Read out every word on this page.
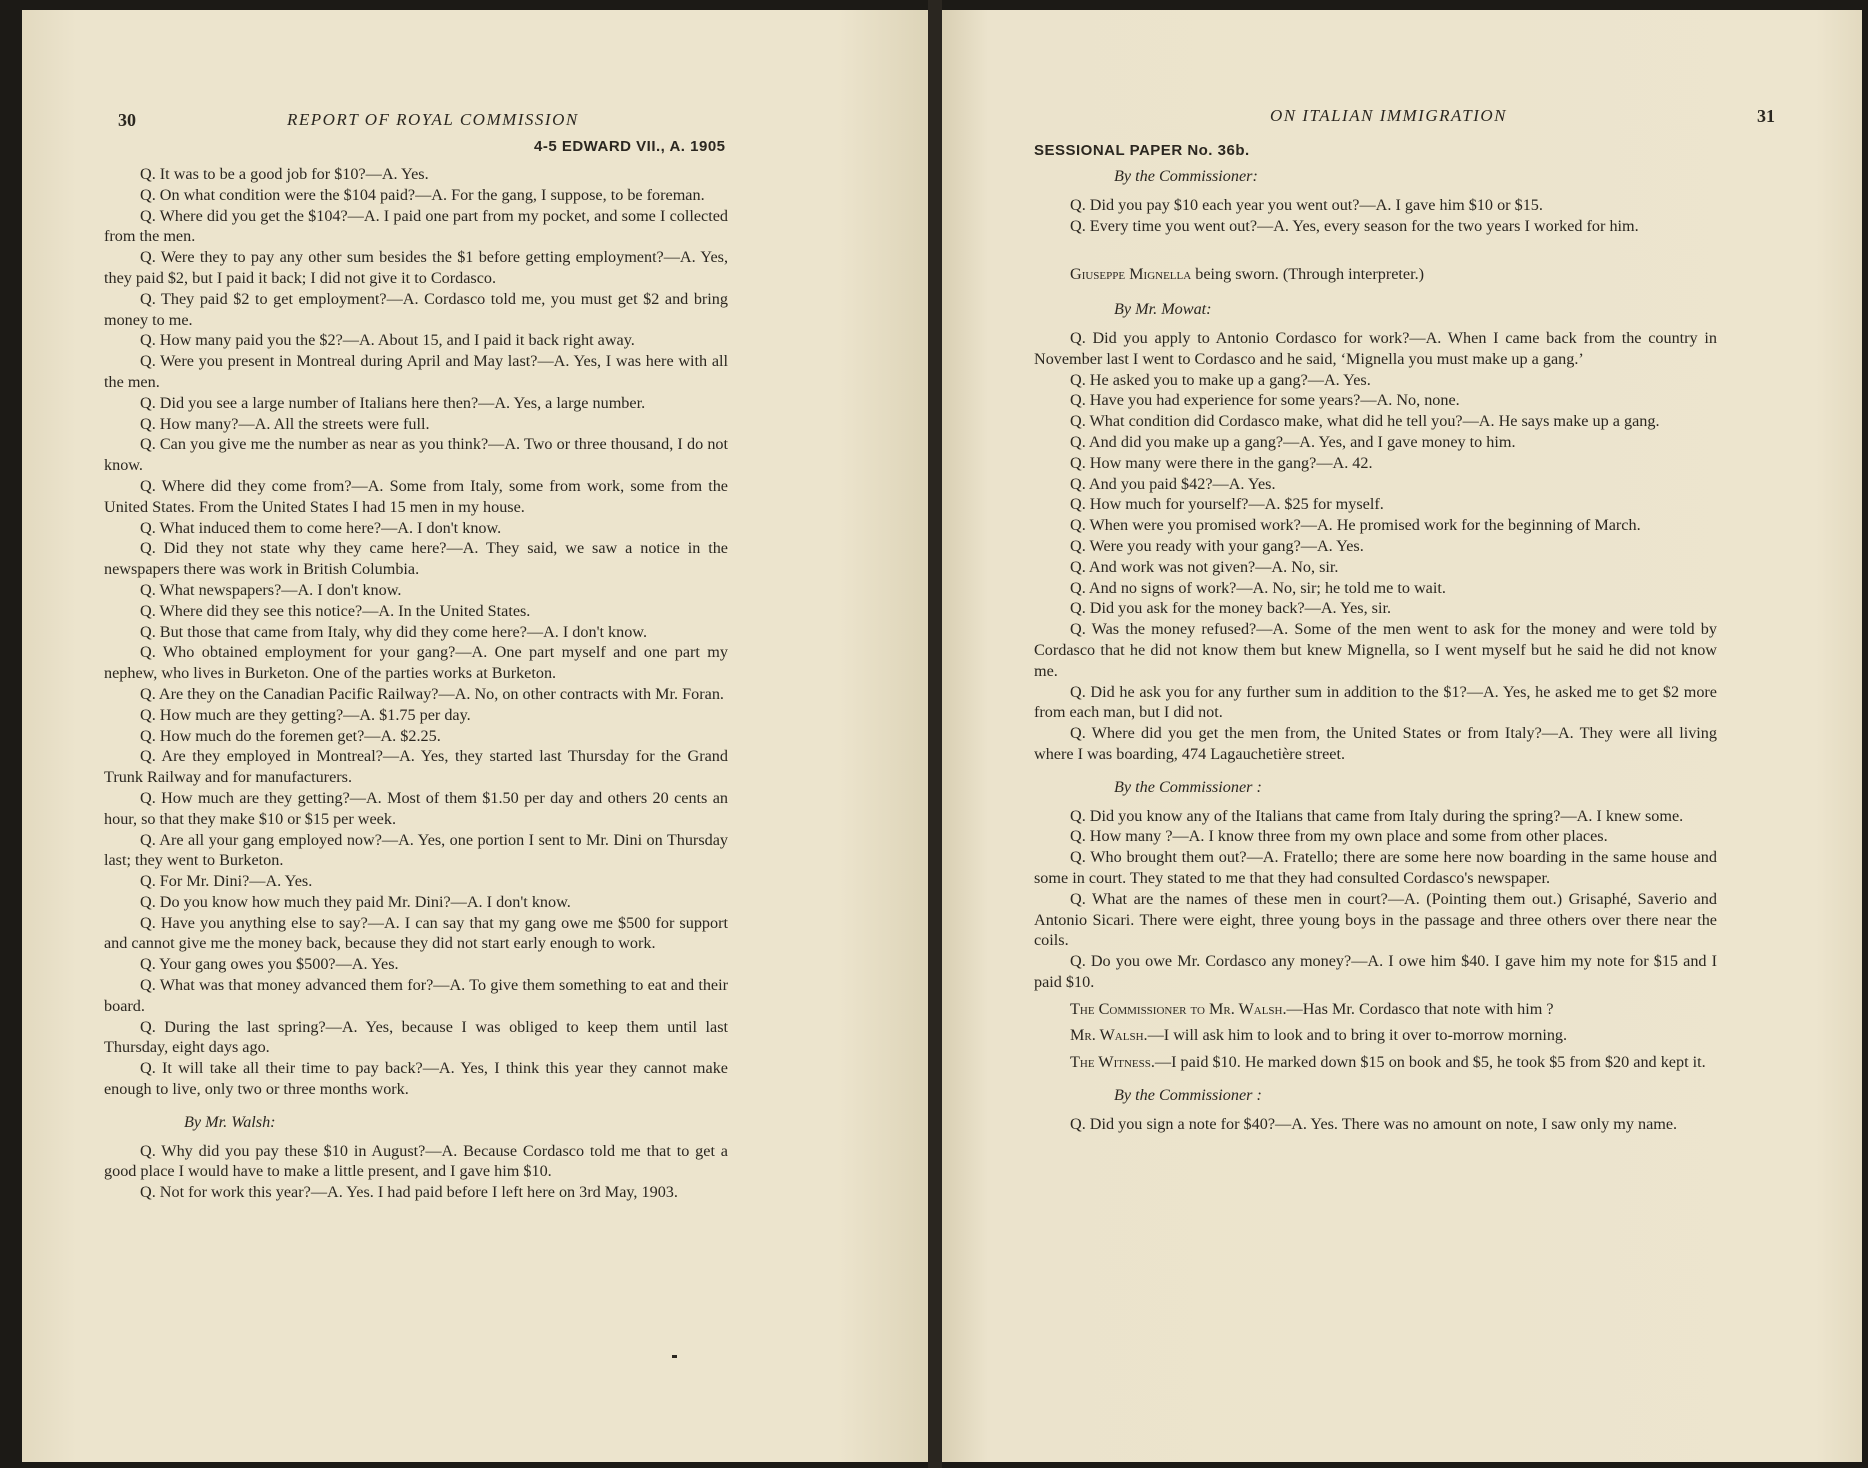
30	REPORT OF ROYAL COMMISSION
4-5 EDWARD VII., A. 1905

Q. It was to be a good job for $10?—A. Yes.

Q. On what condition were the $104 paid?—A. For the gang, I suppose, to be foreman.

Q. Where did you get the $104?—A. I paid one part from my pocket, and some I collected from the men.

Q. Were they to pay any other sum besides the $1 before getting employment?—A. Yes, they paid $2, but I paid it back; I did not give it to Cordasco.

Q. They paid $2 to get employment?—A. Cordasco told me, you must get $2 and bring money to me.

Q. How many paid you the $2?—A. About 15, and I paid it back right away.

Q. Were you present in Montreal during April and May last?—A. Yes, I was here with all the men.

Q. Did you see a large number of Italians here then?—A. Yes, a large number.

Q. How many?—A. All the streets were full.

Q. Can you give me the number as near as you think?—A. Two or three thousand, I do not know.

Q. Where did they come from?—A. Some from Italy, some from work, some from the United States. From the United States I had 15 men in my house.

Q. What induced them to come here?—A. I don't know.

Q. Did they not state why they came here?—A. They said, we saw a notice in the newspapers there was work in British Columbia.

Q. What newspapers?—A. I don't know.

Q. Where did they see this notice?—A. In the United States.

Q. But those that came from Italy, why did they come here?—A. I don't know.

Q. Who obtained employment for your gang?—A. One part myself and one part my nephew, who lives in Burketon. One of the parties works at Burketon.

Q. Are they on the Canadian Pacific Railway?—A. No, on other contracts with Mr. Foran.

Q. How much are they getting?—A. $1.75 per day.

Q. How much do the foremen get?—A. $2.25.

Q. Are they employed in Montreal?—A. Yes, they started last Thursday for the Grand Trunk Railway and for manufacturers.

Q. How much are they getting?—A. Most of them $1.50 per day and others 20 cents an hour, so that they make $10 or $15 per week.

Q. Are all your gang employed now?—A. Yes, one portion I sent to Mr. Dini on Thursday last; they went to Burketon.

Q. For Mr. Dini?—A. Yes.

Q. Do you know how much they paid Mr. Dini?—A. I don't know.

Q. Have you anything else to say?—A. I can say that my gang owe me $500 for support and cannot give me the money back, because they did not start early enough to work.

Q. Your gang owes you $500?—A. Yes.

Q. What was that money advanced them for?—A. To give them something to eat and their board.

Q. During the last spring?—A. Yes, because I was obliged to keep them until last Thursday, eight days ago.

Q. It will take all their time to pay back?—A. Yes, I think this year they cannot make enough to live, only two or three months work.

By Mr. Walsh:

Q. Why did you pay these $10 in August?—A. Because Cordasco told me that to get a good place I would have to make a little present, and I gave him $10.

Q. Not for work this year?—A. Yes. I had paid before I left here on 3rd May, 1903.

ON ITALIAN IMMIGRATION	31
SESSIONAL PAPER No. 36b.

By the Commissioner:

Q. Did you pay $10 each year you went out?—A. I gave him $10 or $15.

Q. Every time you went out?—A. Yes, every season for the two years I worked for him.

Giuseppe Mignella being sworn. (Through interpreter.)

By Mr. Mowat:

Q. Did you apply to Antonio Cordasco for work?—A. When I came back from the country in November last I went to Cordasco and he said, ‘Mignella you must make up a gang.’

Q. He asked you to make up a gang?—A. Yes.

Q. Have you had experience for some years?—A. No, none.

Q. What condition did Cordasco make, what did he tell you?—A. He says make up a gang.

Q. And did you make up a gang?—A. Yes, and I gave money to him.

Q. How many were there in the gang?—A. 42.

Q. And you paid $42?—A. Yes.

Q. How much for yourself?—A. $25 for myself.

Q. When were you promised work?—A. He promised work for the beginning of March.

Q. Were you ready with your gang?—A. Yes.

Q. And work was not given?—A. No, sir.

Q. And no signs of work?—A. No, sir; he told me to wait.

Q. Did you ask for the money back?—A. Yes, sir.

Q. Was the money refused?—A. Some of the men went to ask for the money and were told by Cordasco that he did not know them but knew Mignella, so I went myself but he said he did not know me.

Q. Did he ask you for any further sum in addition to the $1?—A. Yes, he asked me to get $2 more from each man, but I did not.

Q. Where did you get the men from, the United States or from Italy?—A. They were all living where I was boarding, 474 Lagauchetière street.

By the Commissioner :

Q. Did you know any of the Italians that came from Italy during the spring?—A. I knew some.

Q. How many ?—A. I know three from my own place and some from other places.

Q. Who brought them out?—A. Fratello; there are some here now boarding in the same house and some in court. They stated to me that they had consulted Cordasco's newspaper.

Q. What are the names of these men in court?—A. (Pointing them out.) Grisaphé, Saverio and Antonio Sicari. There were eight, three young boys in the passage and three others over there near the coils.

Q. Do you owe Mr. Cordasco any money?—A. I owe him $40. I gave him my note for $15 and I paid $10.

The Commissioner to Mr. Walsh.—Has Mr. Cordasco that note with him ?

Mr. Walsh.—I will ask him to look and to bring it over to-morrow morning.

The Witness.—I paid $10. He marked down $15 on book and $5, he took $5 from $20 and kept it.

By the Commissioner :

Q. Did you sign a note for $40?—A. Yes. There was no amount on note, I saw only my name.
